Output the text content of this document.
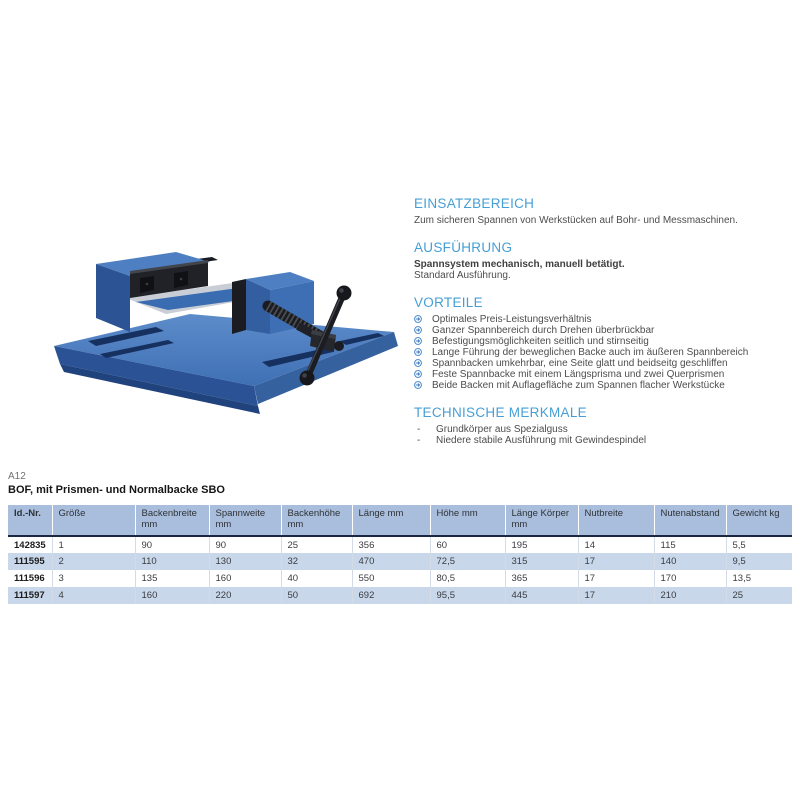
EINSATZBEREICH

Zum sicheren Spannen von Werkstücken auf Bohr- und Messmaschinen.

AUSFÜHRUNG

Spannsystem mechanisch, manuell betätigt.

Standard Ausführung.

VORTEILE
Optimales Preis-Leistungsverhältnis
Ganzer Spannbereich durch Drehen überbrückbar
Befestigungsmöglichkeiten seitlich und stirnseitig
Lange Führung der beweglichen Backe auch im äußeren Spannbereich
Spannbacken umkehrbar, eine Seite glatt und beidseitg geschliffen
Feste Spannbacke mit einem Längsprisma und zwei Querprismen
Beide Backen mit Auflagefläche zum Spannen flacher Werkstücke
TECHNISCHE MERKMALE
-	Grundkörper aus Spezialguss
-	Niedere stabile Ausführung mit Gewindespindel
A12
BOF, mit Prismen- und Normalbacke SBO
Id.-Nr.	Größe	Backenbreite mm	Spannweite mm	Backenhöhe mm	Länge mm	Höhe mm	Länge Körper mm	Nutbreite	Nutenabstand	Gewicht kg
142835	1	90	90	25	356	60	195	14	115	5,5
111595	2	110	130	32	470	72,5	315	17	140	9,5
111596	3	135	160	40	550	80,5	365	17	170	13,5
111597	4	160	220	50	692	95,5	445	17	210	25
